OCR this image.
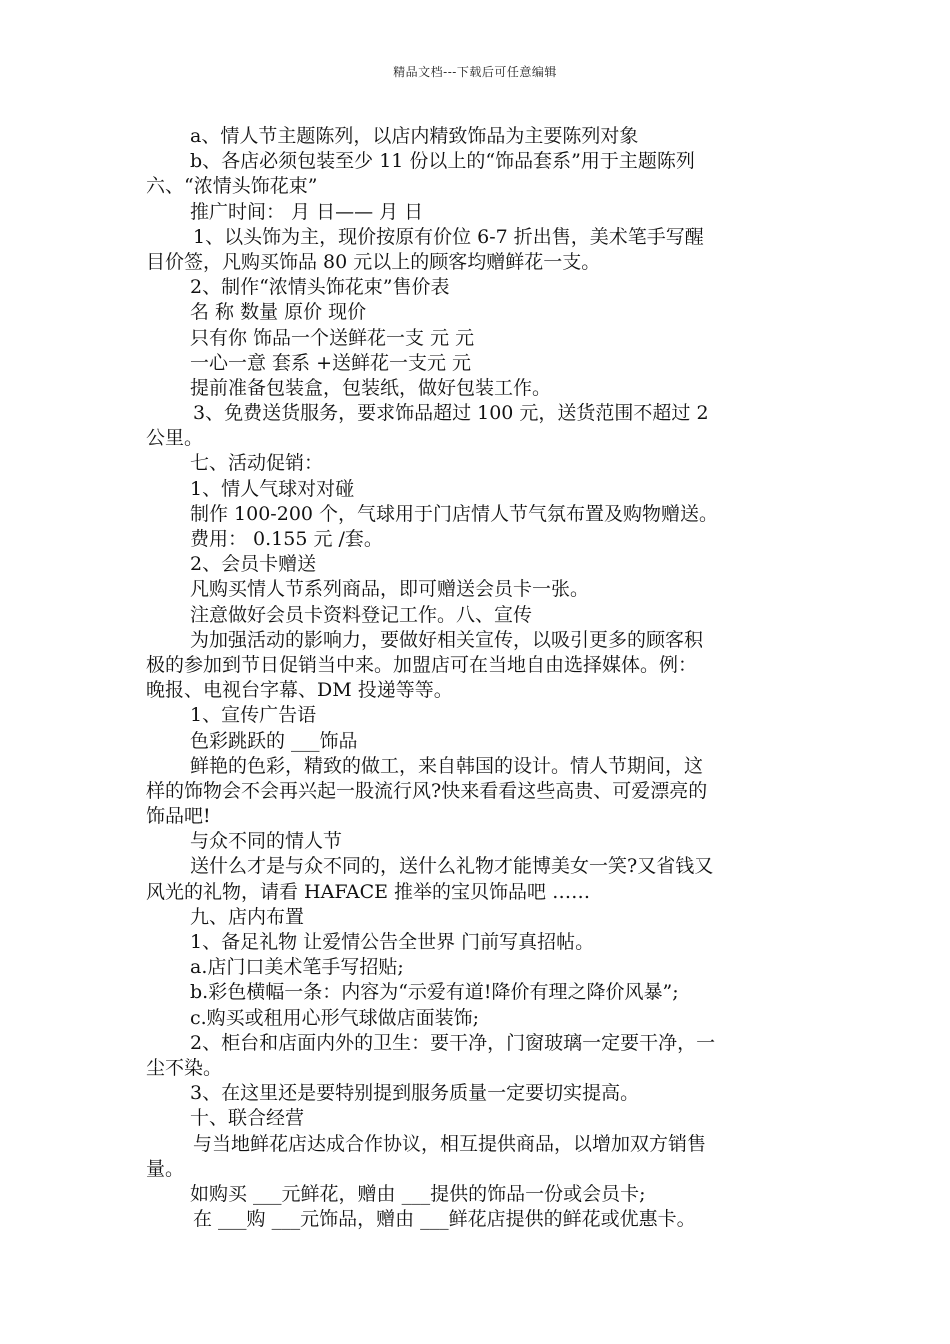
精品文档---下载后可任意编辑
a、情人节主题陈列，以店内精致饰品为主要陈列对象
b、各店必须包装至少 11 份以上的“饰品套系”用于主题陈列
六、“浓情头饰花束”
推广时间： 月 日—— 月 日
1、以头饰为主，现价按原有价位 6-7 折出售，美术笔手写醒
目价签，凡购买饰品 80 元以上的顾客均赠鲜花一支。
2、制作“浓情头饰花束”售价表
名 称 数量 原价 现价
只有你 饰品一个送鲜花一支 元 元
一心一意 套系 +送鲜花一支元 元
提前准备包装盒，包装纸，做好包装工作。
3、免费送货服务，要求饰品超过 100 元，送货范围不超过 2
公里。
七、活动促销：
1、情人气球对对碰
制作 100-200 个，气球用于门店情人节气氛布置及购物赠送。
费用： 0.155 元 /套。
2、会员卡赠送
凡购买情人节系列商品，即可赠送会员卡一张。
注意做好会员卡资料登记工作。八、宣传
为加强活动的影响力，要做好相关宣传，以吸引更多的顾客积
极的参加到节日促销当中来。加盟店可在当地自由选择媒体。例：
晚报、电视台字幕、DM 投递等等。
1、宣传广告语
色彩跳跃的 ___饰品
鲜艳的色彩，精致的做工，来自韩国的设计。情人节期间，这
样的饰物会不会再兴起一股流行风?快来看看这些高贵、可爱漂亮的
饰品吧!
与众不同的情人节
送什么才是与众不同的，送什么礼物才能博美女一笑?又省钱又
风光的礼物，请看 HAFACE 推举的宝贝饰品吧 ……
九、店内布置
1、备足礼物 让爱情公告全世界 门前写真招帖。
a.店门口美术笔手写招贴;
b.彩色横幅一条：内容为“示爱有道!降价有理之降价风暴”;
c.购买或租用心形气球做店面装饰;
2、柜台和店面内外的卫生：要干净，门窗玻璃一定要干净，一
尘不染。
3、在这里还是要特别提到服务质量一定要切实提高。
十、联合经营
与当地鲜花店达成合作协议，相互提供商品，以增加双方销售
量。
如购买 ___元鲜花，赠由 ___提供的饰品一份或会员卡;
在 ___购 ___元饰品，赠由 ___鲜花店提供的鲜花或优惠卡。
